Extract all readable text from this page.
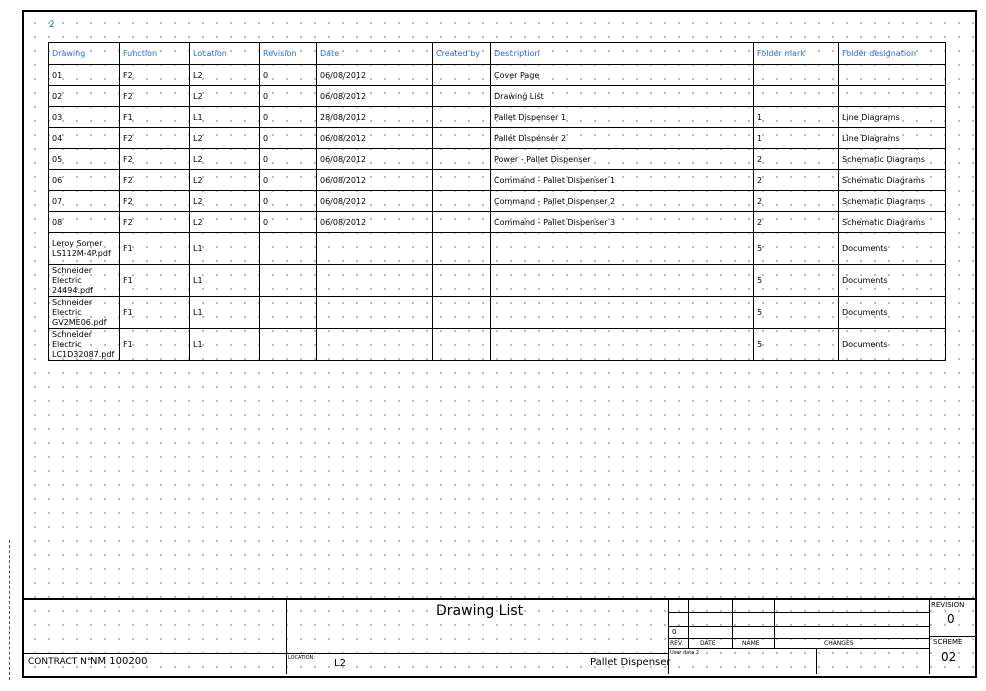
2
Drawing	Function	Location	Revision	Date	Created by	Description	Folder mark	Folder designation
01	F2	L2	0	06/08/2012		Cover Page		
02	F2	L2	0	06/08/2012		Drawing List		
03	F1	L1	0	28/08/2012		Pallet Dispenser 1	1	Line Diagrams
04	F2	L2	0	06/08/2012		Pallet Dispenser 2	1	Line Diagrams
05	F2	L2	0	06/08/2012		Power - Pallet Dispenser	2	Schematic Diagrams
06	F2	L2	0	06/08/2012		Command - Pallet Dispenser 1	2	Schematic Diagrams
07	F2	L2	0	06/08/2012		Command - Pallet Dispenser 2	2	Schematic Diagrams
08	F2	L2	0	06/08/2012		Command - Pallet Dispenser 3	2	Schematic Diagrams
Leroy Somer LS112M-4P.pdf	F1	L1					5	Documents
Schneider Electric 24494.pdf	F1	L1					5	Documents
Schneider Electric GV2ME06.pdf	F1	L1					5	Documents
Schneider Electric LC1D32087.pdf	F1	L1					5	Documents
Drawing List
CONTRACT N° :
NM 100200	LOCATION: L2	Pallet Dispenser
0
REV.	DATE	NAME	CHANGES
User data 2
REVISION
0
SCHEME
02
